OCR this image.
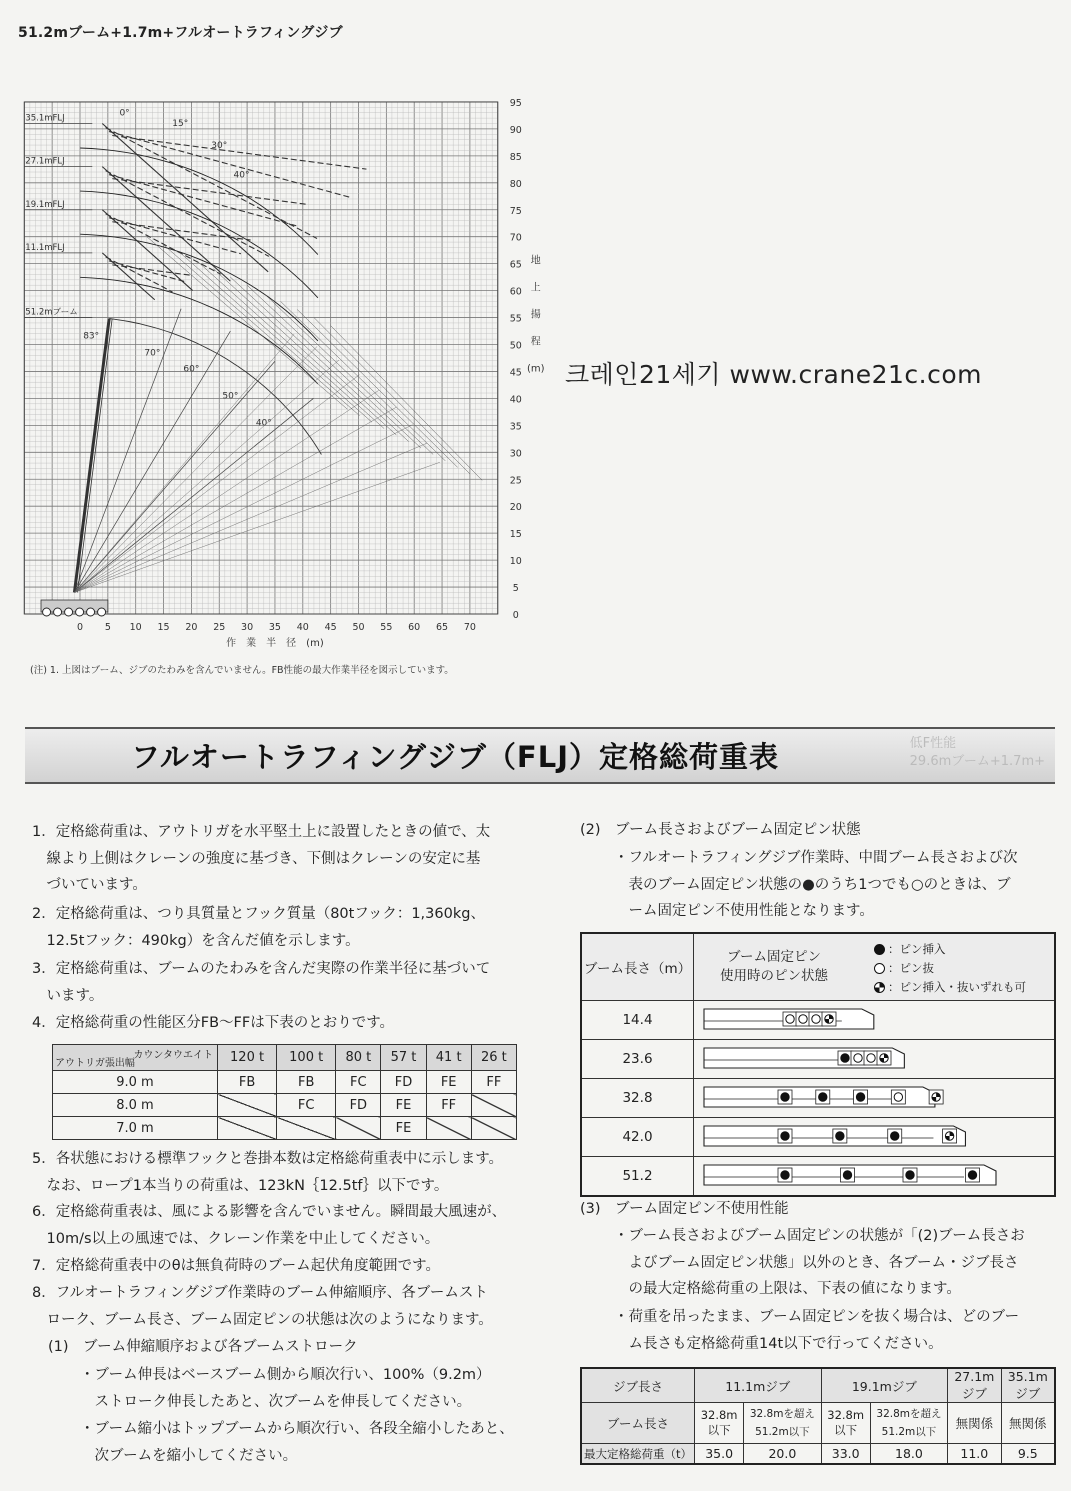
51.2mブーム+1.7m+フルオートラフィングジブ
0 5 10 15 20 25 30 35 40 45 50 55 60 65 70
0
5
10
15
20
25
30
35
40
45
50
55
60
65
70
75
80
85
90
95
作　業　半　径　(m)
地
上
揚
程
(m)
35.1mFLJ
27.1mFLJ
19.1mFLJ
11.1mFLJ
51.2mブーム
83°
70°
60°
50°
40°
0°
15°
30°
40°
크레인21세기 www.crane21c.com
(注) 1. 上図はブーム、ジブのたわみを含んでいません。FB性能の最大作業半径を図示しています。
フルオートラフィングジブ（FLJ）定格総荷重表	低F性能
29.6mブーム+1.7m+
1．定格総荷重は、アウトリガを水平堅土上に設置したときの値で、太
　線より上側はクレーンの強度に基づき、下側はクレーンの安定に基
　づいています。
2．定格総荷重は、つり具質量とフック質量（80tフック：1,360kg、
　12.5tフック：490kg）を含んだ値を示します。
3．定格総荷重は、ブームのたわみを含んだ実際の作業半径に基づいて
　います。
4．定格総荷重の性能区分FB～FFは下表のとおりです。
カウンタウエイト
アウトリガ張出幅	120 t	100 t	80 t	57 t	41 t	26 t
9.0 m	FB	FB	FC	FD	FE	FF
8.0 m		FC	FD	FE	FF	
7.0 m				FE		
5．各状態における標準フックと巻掛本数は定格総荷重表中に示します。
　なお、ロープ1本当りの荷重は、123kN｛12.5tf｝以下です。
6．定格総荷重表は、風による影響を含んでいません。瞬間最大風速が、
　10m/s以上の風速では、クレーン作業を中止してください。
7．定格総荷重表中のθは無負荷時のブーム起伏角度範囲です。
8．フルオートラフィングジブ作業時のブーム伸縮順序、各ブームスト
　ローク、ブーム長さ、ブーム固定ピンの状態は次のようになります。
(1)　ブーム伸縮順序および各ブームストローク
・ブーム伸長はベースブーム側から順次行い、100%（9.2m）
　ストローク伸長したあと、次ブームを伸長してください。
・ブーム縮小はトップブームから順次行い、各段全縮小したあと、
　次ブームを縮小してください。
(2)　ブーム長さおよびブーム固定ピン状態
・フルオートラフィングジブ作業時、中間ブーム長さおよび次
　表のブーム固定ピン状態の●のうち1つでも○のときは、ブ
　ーム固定ピン不使用性能となります。
ブーム長さ（m）	ブーム固定ピン
使用時のピン状態
：ピン挿入
：ピン抜
：ピン挿入・抜いずれも可

14.4	
23.6	
32.8	
42.0	
51.2	
(3)　ブーム固定ピン不使用性能
・ブーム長さおよびブーム固定ピンの状態が「(2)ブーム長さお
　よびブーム固定ピン状態」以外のとき、各ブーム・ジブ長さ
　の最大定格総荷重の上限は、下表の値になります。
・荷重を吊ったまま、ブーム固定ピンを抜く場合は、どのブー
　ム長さも定格総荷重14t以下で行ってください。
ジブ長さ	11.1mジブ		19.1mジブ		27.1mジブ	35.1mジブ
ブーム長さ	32.8m以下	32.8mを超え51.2m以下	32.8m以下	32.8mを超え51.2m以下	無関係	無関係
最大定格総荷重（t）	35.0	20.0	33.0	18.0	11.0	9.5
